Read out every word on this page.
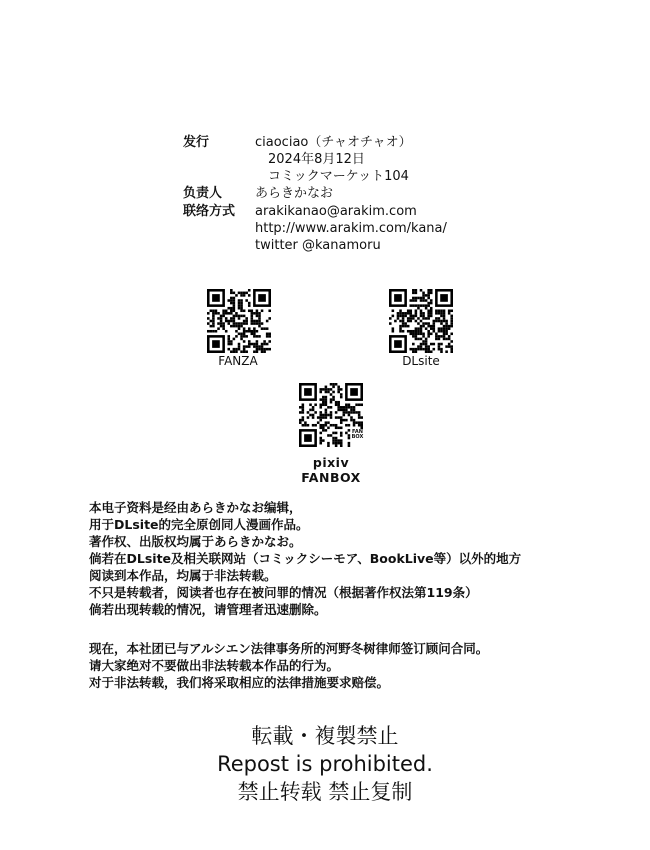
发行	ciaociao（チャオチャオ）
2024年8月12日
コミックマーケット104
负责人	あらきかなお
联络方式 arakikanao@arakim.com
http://www.arakim.com/kana/
twitter @kanamoru
FANZA	DLsite
FAN
BOX
pixiv FANBOX
本电子资料是经由あらきかなお编辑，
用于DLsite的完全原创同人漫画作品。
著作权、出版权均属于あらきかなお。
倘若在DLsite及相关联网站（コミックシーモア、BookLive等）以外的地方
阅读到本作品，均属于非法转载。
不只是转载者，阅读者也存在被问罪的情况（根据著作权法第119条）
倘若出现转载的情况，请管理者迅速删除。
现在，本社团已与アルシエン法律事务所的河野冬树律师签订顾问合同。
请大家绝对不要做出非法转载本作品的行为。
对于非法转载，我们将采取相应的法律措施要求赔偿。
転載・複製禁止
Repost is prohibited.
禁止转载 禁止复制
